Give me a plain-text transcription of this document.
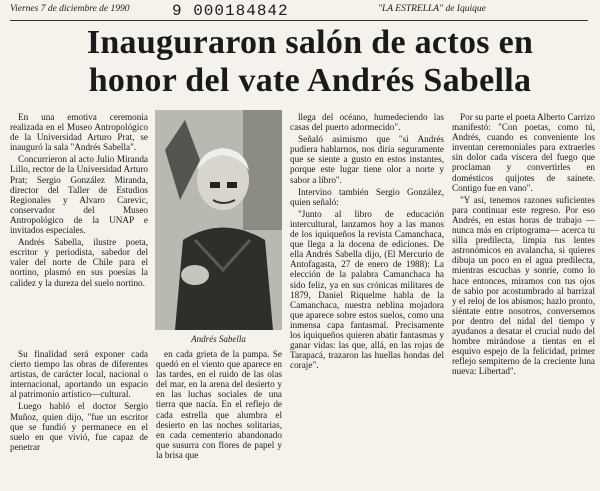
Viernes 7 de diciembre de 1990	9 000184842	"LA ESTRELLA" de Iquique
Inauguraron salón de actos en honor del vate Andrés Sabella

En una emotiva ceremonia realizada en el Museo Antropológico de la Universidad Arturo Prat, se inauguró la sala "Andrés Sabella".

Concurrieron al acto Julio Miranda Lillo, rector de la Universidad Arturo Prat; Sergio González Miranda, director del Taller de Estudios Regionales y Alvaro Carevic, conservador del Museo Antropológico de la UNAP e invitados especiales.

Andrés Sabella, ilustre poeta, escritor y periodista, sabedor del valer del norte de Chile para el nortino, plasmó en sus poesías la calidez y la dureza del suelo nortino.

Su finalidad será exponer cada cierto tiempo las obras de diferentes artistas, de carácter local, nacional o internacional, aportando un espacio al patrimonio artístico—cultural.

Luego habló el doctor Sergio Muñoz, quien dijo, "fue un escritor que se fundió y permanece en el suelo en que vivió, fue capaz de penetrar

Andrés Sabella

en cada grieta de la pampa. Se quedó en el viento que aparece en las tardes, en el ruido de las olas del mar, en la arena del desierto y en las luchas sociales de una tierra que nacía. En el reflejo de cada estrella que alumbra el desierto en las noches solitarias, en cada cementerio abandonado que susurra con flores de papel y la brisa que

llega del océano, humedeciendo las casas del puerto adormecido".

Señaló asimismo que "si Andrés pudiera hablarnos, nos diría seguramente que se siente a gusto en estos instantes, porque este lugar tiene olor a norte y sabor a libro".

Intervino también Sergio González, quien señaló:

"Junto al libro de educación intercultural, lanzamos hoy a las manos de los iquiqueños la revista Camanchaca, que llega a la docena de ediciones. De ella Andrés Sabella dijo, (El Mercurio de Antofagasta, 27 de enero de 1988): La elección de la palabra Camanchaca ha sido feliz, ya en sus crónicas militares de 1879, Daniel Riquelme habla de la Camanchaca, nuestra neblina mojadora que aparece sobre estos suelos, como una inmensa capa fantasmal. Precisamente los iquiqueños quieren abatir fantasmas y ganar vidas: las que, allá, en las rojas de Tarapacá, trazaron las huellas hondas del coraje".

Por su parte el poeta Alberto Carrizo manifestó: "Con poetas, como tú, Andrés, cuando es conveniente los inventan ceremoniales para extraerles sin dolor cada víscera del fuego que proclaman y convertirles en domésticos quijotes de sainete. Contigo fue en vano".

"Y así, tenemos razones suficientes para continuar este regreso. Por eso Andrés, en estas horas de trabajo —nunca más en criptograma— acerca tu silla predilecta, limpia tus lentes astronómicos en avalancha, si quieres dibuja un poco en el agua predilecta, mientras escuchas y sonríe, como lo hace entonces, miramos con tus ojos de sabio por acostumbrado al barrizal y el reloj de los abismos; hazlo pronto, siéntate entre nosotros, conversemos por dentro del nidal del tiempo y ayudanos a desatar el crucial nudo del hombre mirándose a tientas en el esquivo espejo de la felicidad, primer reflejo sempiterno de la creciente luna nueva: Libertad".
